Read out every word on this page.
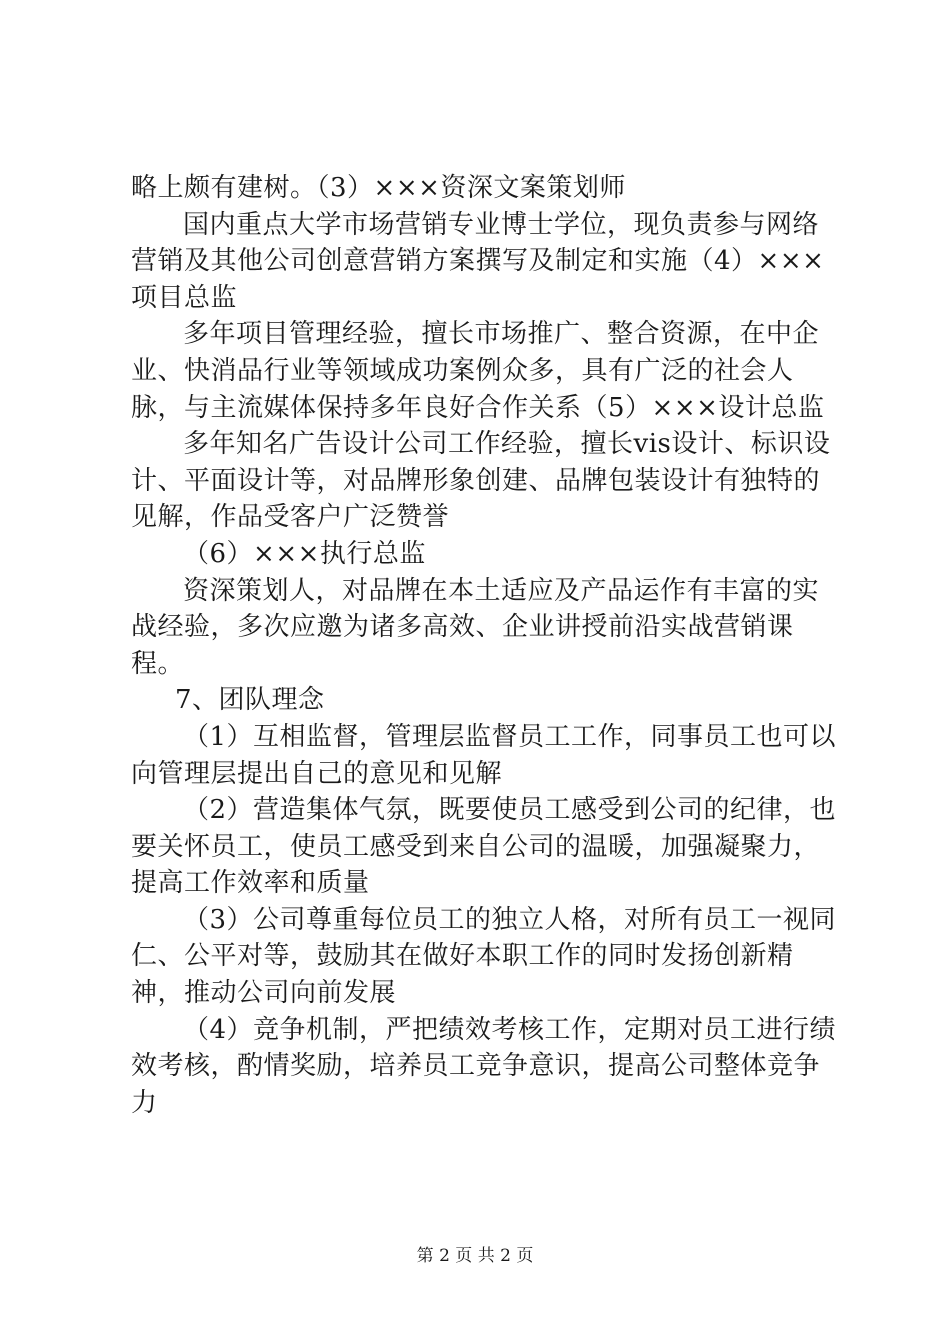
略上颇有建树。（3）×××资深文案策划师

国内重点大学市场营销专业博士学位，现负责参与网络营销及其他公司创意营销方案撰写及制定和实施（4）×××项目总监

多年项目管理经验，擅长市场推广、整合资源，在中企业、快消品行业等领域成功案例众多，具有广泛的社会人脉，与主流媒体保持多年良好合作关系（5）×××设计总监

多年知名广告设计公司工作经验，擅长vis设计、标识设计、平面设计等，对品牌形象创建、品牌包装设计有独特的见解，作品受客户广泛赞誉

（6）×××执行总监

资深策划人，对品牌在本土适应及产品运作有丰富的实战经验，多次应邀为诸多高效、企业讲授前沿实战营销课程。

7、团队理念

（1）互相监督，管理层监督员工工作，同事员工也可以向管理层提出自己的意见和见解

（2）营造集体气氛，既要使员工感受到公司的纪律，也要关怀员工，使员工感受到来自公司的温暖，加强凝聚力，提高工作效率和质量

（3）公司尊重每位员工的独立人格，对所有员工一视同仁、公平对等，鼓励其在做好本职工作的同时发扬创新精神，推动公司向前发展

（4）竞争机制，严把绩效考核工作，定期对员工进行绩效考核，酌情奖励，培养员工竞争意识，提高公司整体竞争力

第 2 页 共 2 页
